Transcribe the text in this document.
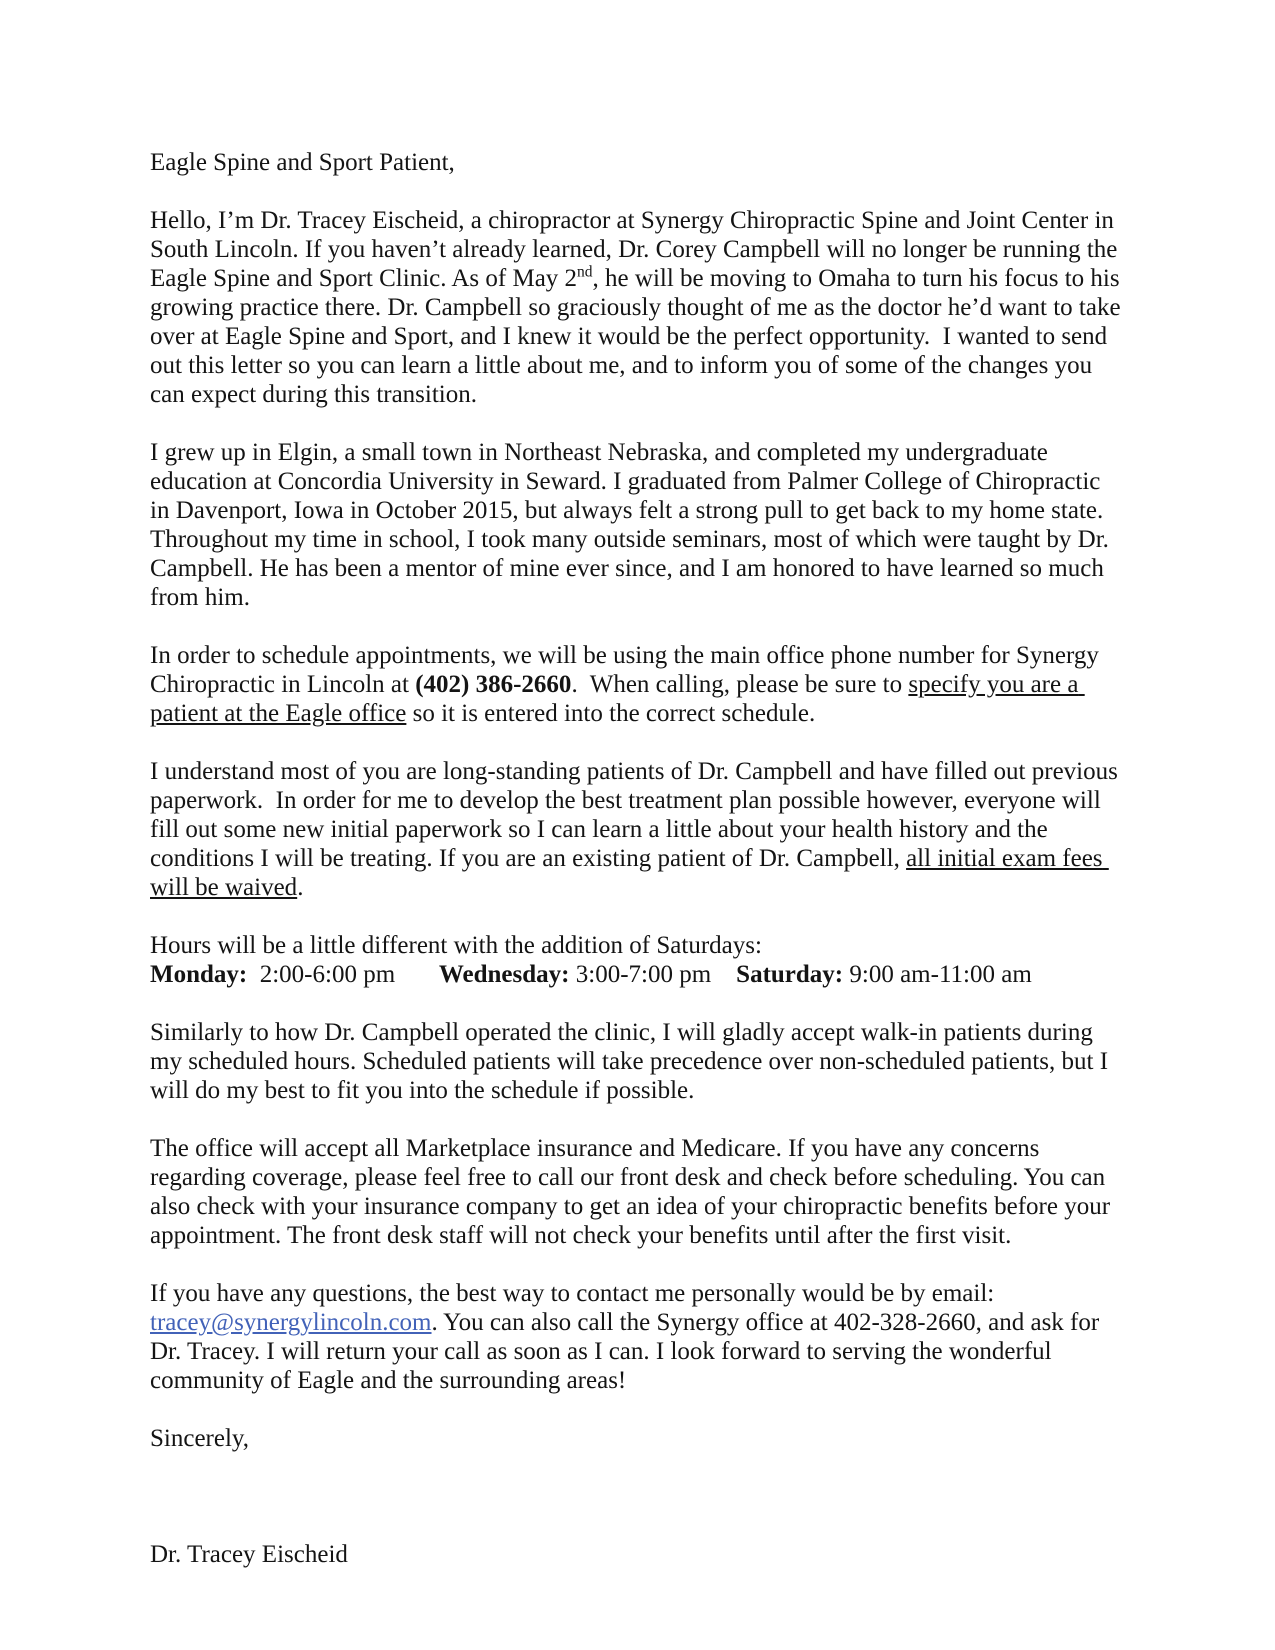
Eagle Spine and Sport Patient,

Hello, I’m Dr. Tracey Eischeid, a chiropractor at Synergy Chiropractic Spine and Joint Center in South Lincoln. If you haven’t already learned, Dr. Corey Campbell will no longer be running the Eagle Spine and Sport Clinic. As of May 2nd, he will be moving to Omaha to turn his focus to his growing practice there. Dr. Campbell so graciously thought of me as the doctor he’d want to take over at Eagle Spine and Sport, and I knew it would be the perfect opportunity.  I wanted to send out this letter so you can learn a little about me, and to inform you of some of the changes you can expect during this transition.

I grew up in Elgin, a small town in Northeast Nebraska, and completed my undergraduate education at Concordia University in Seward. I graduated from Palmer College of Chiropractic in Davenport, Iowa in October 2015, but always felt a strong pull to get back to my home state. Throughout my time in school, I took many outside seminars, most of which were taught by Dr. Campbell. He has been a mentor of mine ever since, and I am honored to have learned so much from him.

In order to schedule appointments, we will be using the main office phone number for Synergy Chiropractic in Lincoln at (402) 386-2660.  When calling, please be sure to specify you are a patient at the Eagle office so it is entered into the correct schedule.

I understand most of you are long-standing patients of Dr. Campbell and have filled out previous paperwork.  In order for me to develop the best treatment plan possible however, everyone will fill out some new initial paperwork so I can learn a little about your health history and the conditions I will be treating. If you are an existing patient of Dr. Campbell, all initial exam fees will be waived.

Hours will be a little different with the addition of Saturdays:
Monday:  2:00-6:00 pm Wednesday: 3:00-7:00 pm Saturday: 9:00 am-11:00 am

Similarly to how Dr. Campbell operated the clinic, I will gladly accept walk-in patients during my scheduled hours. Scheduled patients will take precedence over non-scheduled patients, but I will do my best to fit you into the schedule if possible.

The office will accept all Marketplace insurance and Medicare. If you have any concerns regarding coverage, please feel free to call our front desk and check before scheduling. You can also check with your insurance company to get an idea of your chiropractic benefits before your appointment. The front desk staff will not check your benefits until after the first visit.

If you have any questions, the best way to contact me personally would be by email: tracey@synergylincoln.com. You can also call the Synergy office at 402-328-2660, and ask for Dr. Tracey. I will return your call as soon as I can. I look forward to serving the wonderful community of Eagle and the surrounding areas!

Sincerely,

Dr. Tracey Eischeid
